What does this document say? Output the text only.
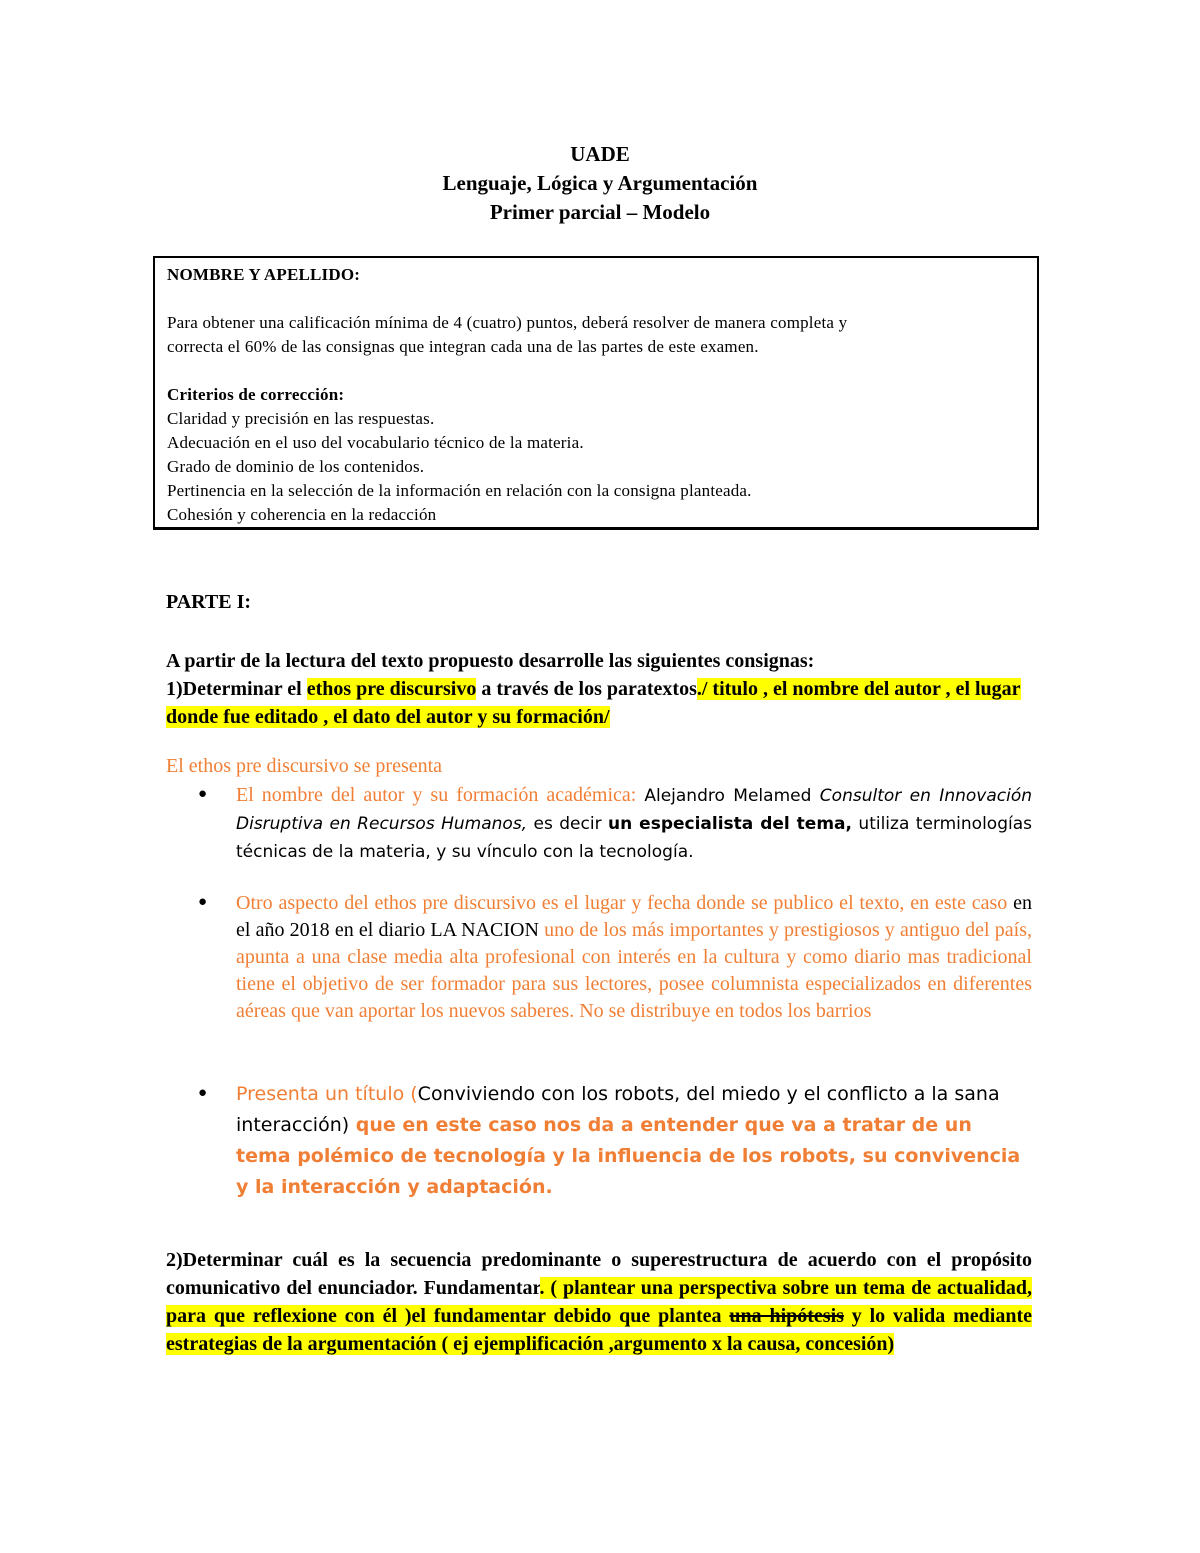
UADE
Lenguaje, Lógica y Argumentación
Primer parcial – Modelo

NOMBRE Y APELLIDO:

Para obtener una calificación mínima de 4 (cuatro) puntos, deberá resolver de manera completa y

correcta el 60% de las consignas que integran cada una de las partes de este examen.

Criterios de corrección:

Claridad y precisión en las respuestas.

Adecuación en el uso del vocabulario técnico de la materia.

Grado de dominio de los contenidos.

Pertinencia en la selección de la información en relación con la consigna planteada.

Cohesión y coherencia en la redacción

PARTE I:
A partir de la lectura del texto propuesto desarrolle las siguientes consignas:
1)Determinar el ethos pre discursivo a través de los paratextos./ titulo , el nombre del autor , el lugar donde fue editado , el dato del autor y su formación/
El ethos pre discursivo se presenta
● El nombre del autor y su formación académica: Alejandro Melamed Consultor en Innovación Disruptiva en Recursos Humanos, es decir un especialista del tema, utiliza terminologías técnicas de la materia, y su vínculo con la tecnología.
● Otro aspecto del ethos pre discursivo es el lugar y fecha donde se publico el texto, en este caso en el año 2018 en el diario LA NACION uno de los más importantes y prestigiosos y antiguo del país, apunta a una clase media alta profesional con interés en la cultura y como diario mas tradicional tiene el objetivo de ser formador para sus lectores, posee columnista especializados en diferentes aéreas que van aportar los nuevos saberes. No se distribuye en todos los barrios
● Presenta un título (Conviviendo con los robots, del miedo y el conflicto a la sana interacción) que en este caso nos da a entender que va a tratar de un tema polémico de tecnología y la influencia de los robots, su convivencia y la interacción y adaptación.
2)Determinar cuál es la secuencia predominante o superestructura de acuerdo con el propósito comunicativo del enunciador. Fundamentar. ( plantear una perspectiva sobre un tema de actualidad, para que reflexione con él )el fundamentar debido que plantea una hipótesis y lo valida mediante estrategias de la argumentación ( ej ejemplificación ,argumento x la causa, concesión)
